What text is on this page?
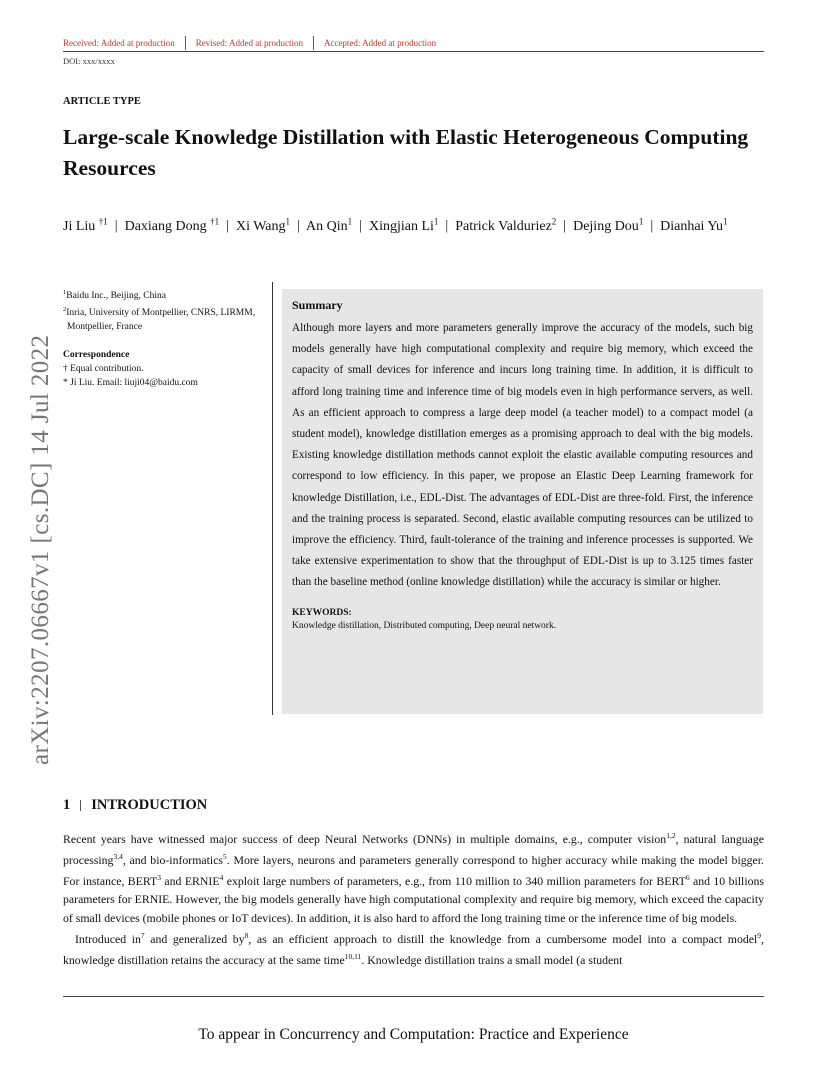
Received: Added at production	Revised: Added at production	Accepted: Added at production
DOI: xxx/xxxx
ARTICLE TYPE
Large-scale Knowledge Distillation with Elastic Heterogeneous Computing Resources
Ji Liu $^{\dagger 1}$  |  Daxiang Dong $^{\dagger 1}$  |  Xi Wang$^1$  |  An Qin$^1$  |  Xingjian Li$^1$  |  Patrick Valduriez$^2$  |  Dejing Dou$^1$  |  Dianhai Yu$^1$
arXiv:2207.06667v1 [cs.DC] 14 Jul 2022
$^1$Baidu Inc., Beijing, China
$^2$Inria, University of Montpellier, CNRS, LIRMM, Montpellier, France
Correspondence
† Equal contribution.
* Ji Liu. Email: liuji04@baidu.com
Summary

Although more layers and more parameters generally improve the accuracy of the models, such big models generally have high computational complexity and require big memory, which exceed the capacity of small devices for inference and incurs long training time. In addition, it is difficult to afford long training time and inference time of big models even in high performance servers, as well. As an efficient approach to compress a large deep model (a teacher model) to a compact model (a student model), knowledge distillation emerges as a promising approach to deal with the big models. Existing knowledge distillation methods cannot exploit the elastic available computing resources and correspond to low efficiency. In this paper, we propose an Elastic Deep Learning framework for knowledge Distillation, i.e., EDL-Dist. The advantages of EDL-Dist are three-fold. First, the inference and the training process is separated. Second, elastic available computing resources can be utilized to improve the efficiency. Third, fault-tolerance of the training and inference processes is supported. We take extensive experimentation to show that the throughput of EDL-Dist is up to 3.125 times faster than the baseline method (online knowledge distillation) while the accuracy is similar or higher.

KEYWORDS:
Knowledge distillation, Distributed computing, Deep neural network.
1 INTRODUCTION

Recent years have witnessed major success of deep Neural Networks (DNNs) in multiple domains, e.g., computer vision$^{1,2}$, natural language processing$^{3,4}$, and bio-informatics$^5$. More layers, neurons and parameters generally correspond to higher accuracy while making the model bigger. For instance, BERT$^3$ and ERNIE$^4$ exploit large numbers of parameters, e.g., from 110 million to 340 million parameters for BERT$^6$ and 10 billions parameters for ERNIE. However, the big models generally have high computational complexity and require big memory, which exceed the capacity of small devices (mobile phones or IoT devices). In addition, it is also hard to afford the long training time or the inference time of big models.

Introduced $in^7$ and generalized $by^8$, as an efficient approach to distill the knowledge from a cumbersome model into a compact model$^9$, knowledge distillation retains the accuracy at the same time$^{10,11}$. Knowledge distillation trains a small model (a student

To appear in Concurrency and Computation: Practice and Experience
